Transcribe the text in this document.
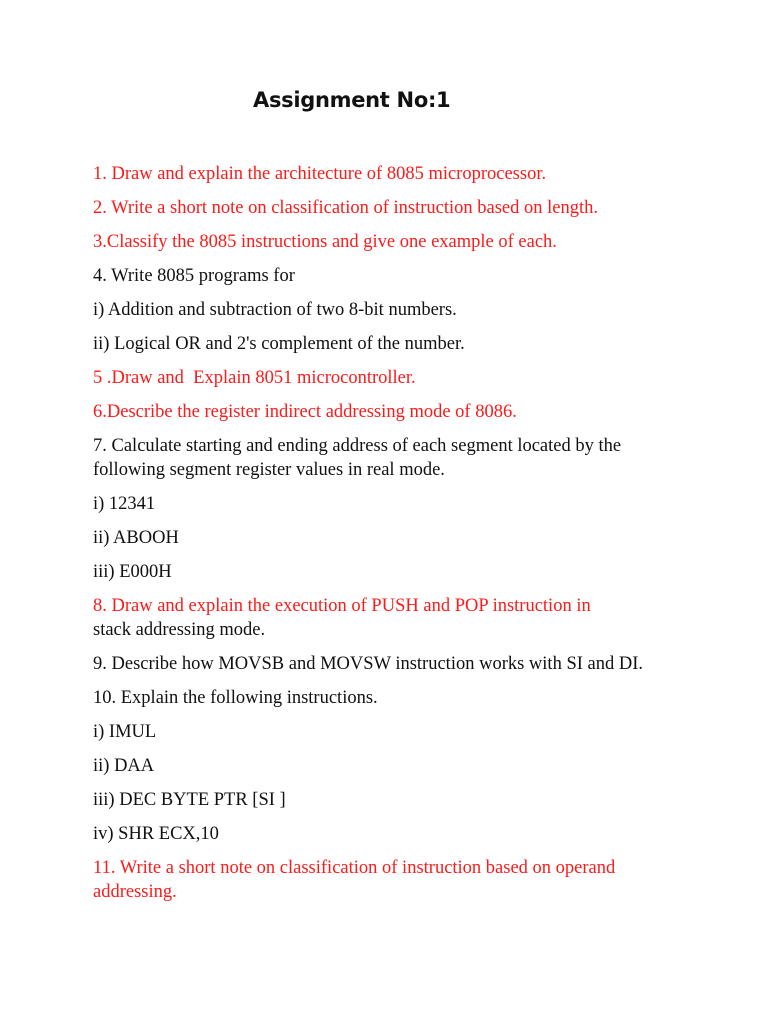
Assignment No:1

1. Draw and explain the architecture of 8085 microprocessor.

2. Write a short note on classification of instruction based on length.

3.Classify the 8085 instructions and give one example of each.

4. Write 8085 programs for

i) Addition and subtraction of two 8-bit numbers.

ii) Logical OR and 2's complement of the number.

5 .Draw and  Explain 8051 microcontroller.

6.Describe the register indirect addressing mode of 8086.

7. Calculate starting and ending address of each segment located by the following segment register values in real mode.

i) 12341

ii) ABOOH

iii) E000H

8. Draw and explain the execution of PUSH and POP instruction in
stack addressing mode.

9. Describe how MOVSB and MOVSW instruction works with SI and DI.

10. Explain the following instructions.

i) IMUL

ii) DAA

iii) DEC BYTE PTR [SI ]

iv) SHR ECX,10

11. Write a short note on classification of instruction based on operand addressing.
